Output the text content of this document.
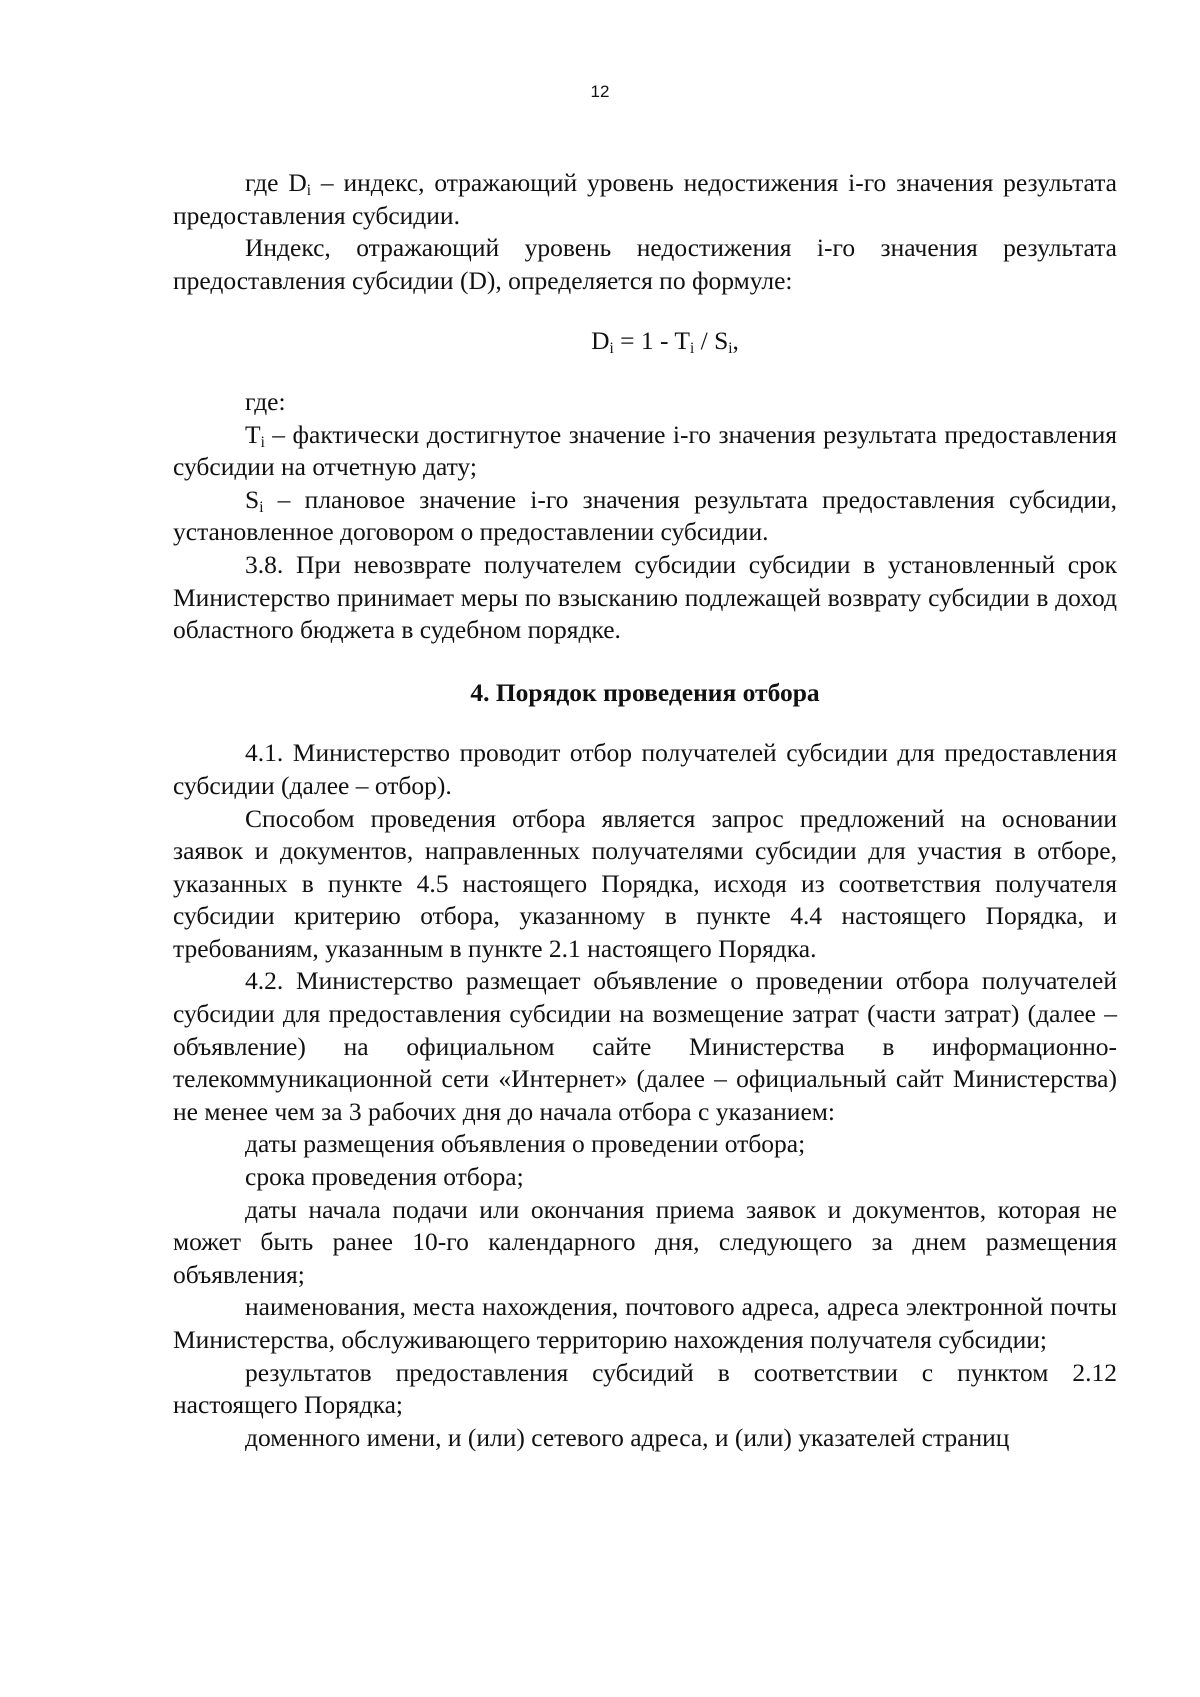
12

где $D_i$ – индекс, отражающий уровень недостижения i-го значения результата предоставления субсидии.

Индекс, отражающий уровень недостижения i-го значения результата предоставления субсидии (D), определяется по формуле:

$D_i = 1 - T_i / S_i$,

где:

$T_i$ – фактически достигнутое значение i-го значения результата предоставления субсидии на отчетную дату;

$S_i$ – плановое значение i-го значения результата предоставления субсидии, установленное договором о предоставлении субсидии.

3.8. При невозврате получателем субсидии субсидии в установленный срок Министерство принимает меры по взысканию подлежащей возврату субсидии в доход областного бюджета в судебном порядке.

4. Порядок проведения отбора

4.1. Министерство проводит отбор получателей субсидии для предоставления субсидии (далее – отбор).

Способом проведения отбора является запрос предложений на основании заявок и документов, направленных получателями субсидии для участия в отборе, указанных в пункте 4.5 настоящего Порядка, исходя из соответствия получателя субсидии критерию отбора, указанному в пункте 4.4 настоящего Порядка, и требованиям, указанным в пункте 2.1 настоящего Порядка.

4.2. Министерство размещает объявление о проведении отбора получателей субсидии для предоставления субсидии на возмещение затрат (части затрат) (далее – объявление) на официальном сайте Министерства в информационно-телекоммуникационной сети «Интернет» (далее – официальный сайт Министерства) не менее чем за 3 рабочих дня до начала отбора с указанием:

даты размещения объявления о проведении отбора;

срока проведения отбора;

даты начала подачи или окончания приема заявок и документов, которая не может быть ранее 10-го календарного дня, следующего за днем размещения объявления;

наименования, места нахождения, почтового адреса, адреса электронной почты Министерства, обслуживающего территорию нахождения получателя субсидии;

результатов предоставления субсидий в соответствии с пунктом 2.12 настоящего Порядка;

доменного имени, и (или) сетевого адреса, и (или) указателей страниц
